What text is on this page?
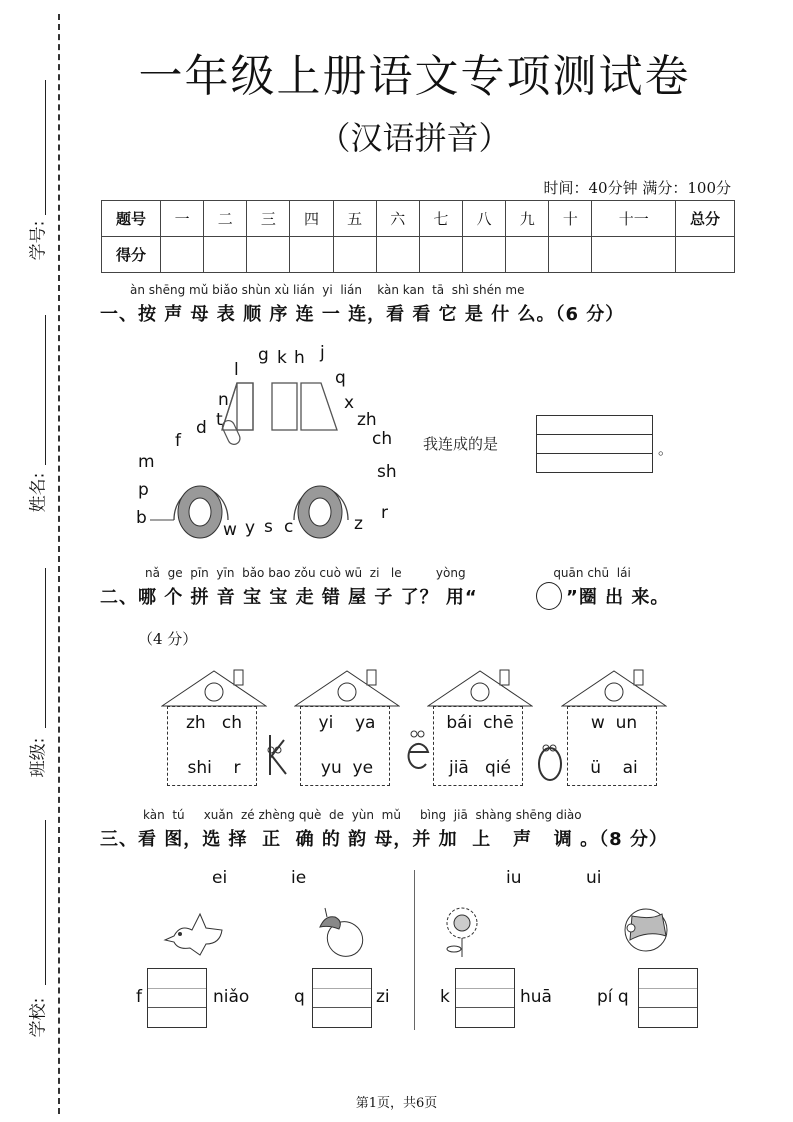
学号:
姓名:
班级:
学校:
一年级上册语文专项测试卷
（汉语拼音）
时间：40分钟 满分：100分
题号	一	二	三	四	五	六	七	八	九	十	十一	总分
得分												
àn shēng mǔ biǎo shùn xù lián  yi  lián    kàn kan  tā  shì shén me
一、按 声 母 表 顺 序 连 一 连，看 看 它 是 什 么。（6 分）
g k h j
l	q
x
n
zh
t
d
ch
f
m	sh
p
b
w y s c	z
r
我连成的是	。
nǎ  ge  pīn  yīn  bǎo bao zǒu cuò wū  zi   le         yòng                       quān chū  lái
二、哪 个 拼 音 宝 宝 走 错 屋 子 了？ 用“	”圈 出 来。
（4 分）
zh   ch
shi    r
yi    ya
yu  ye
bái  chē
jiā   qié
w  un
ü    ai
kàn  tú     xuǎn  zé zhèng què  de  yùn  mǔ     bìng  jiā  shàng shēng diào
三、看 图，选 择  正  确 的 韵 母，并 加  上   声   调 。（8 分）
ei	ie	iu	ui
f	niǎo	q	zi	k	huā	pí q
第1页，共6页
